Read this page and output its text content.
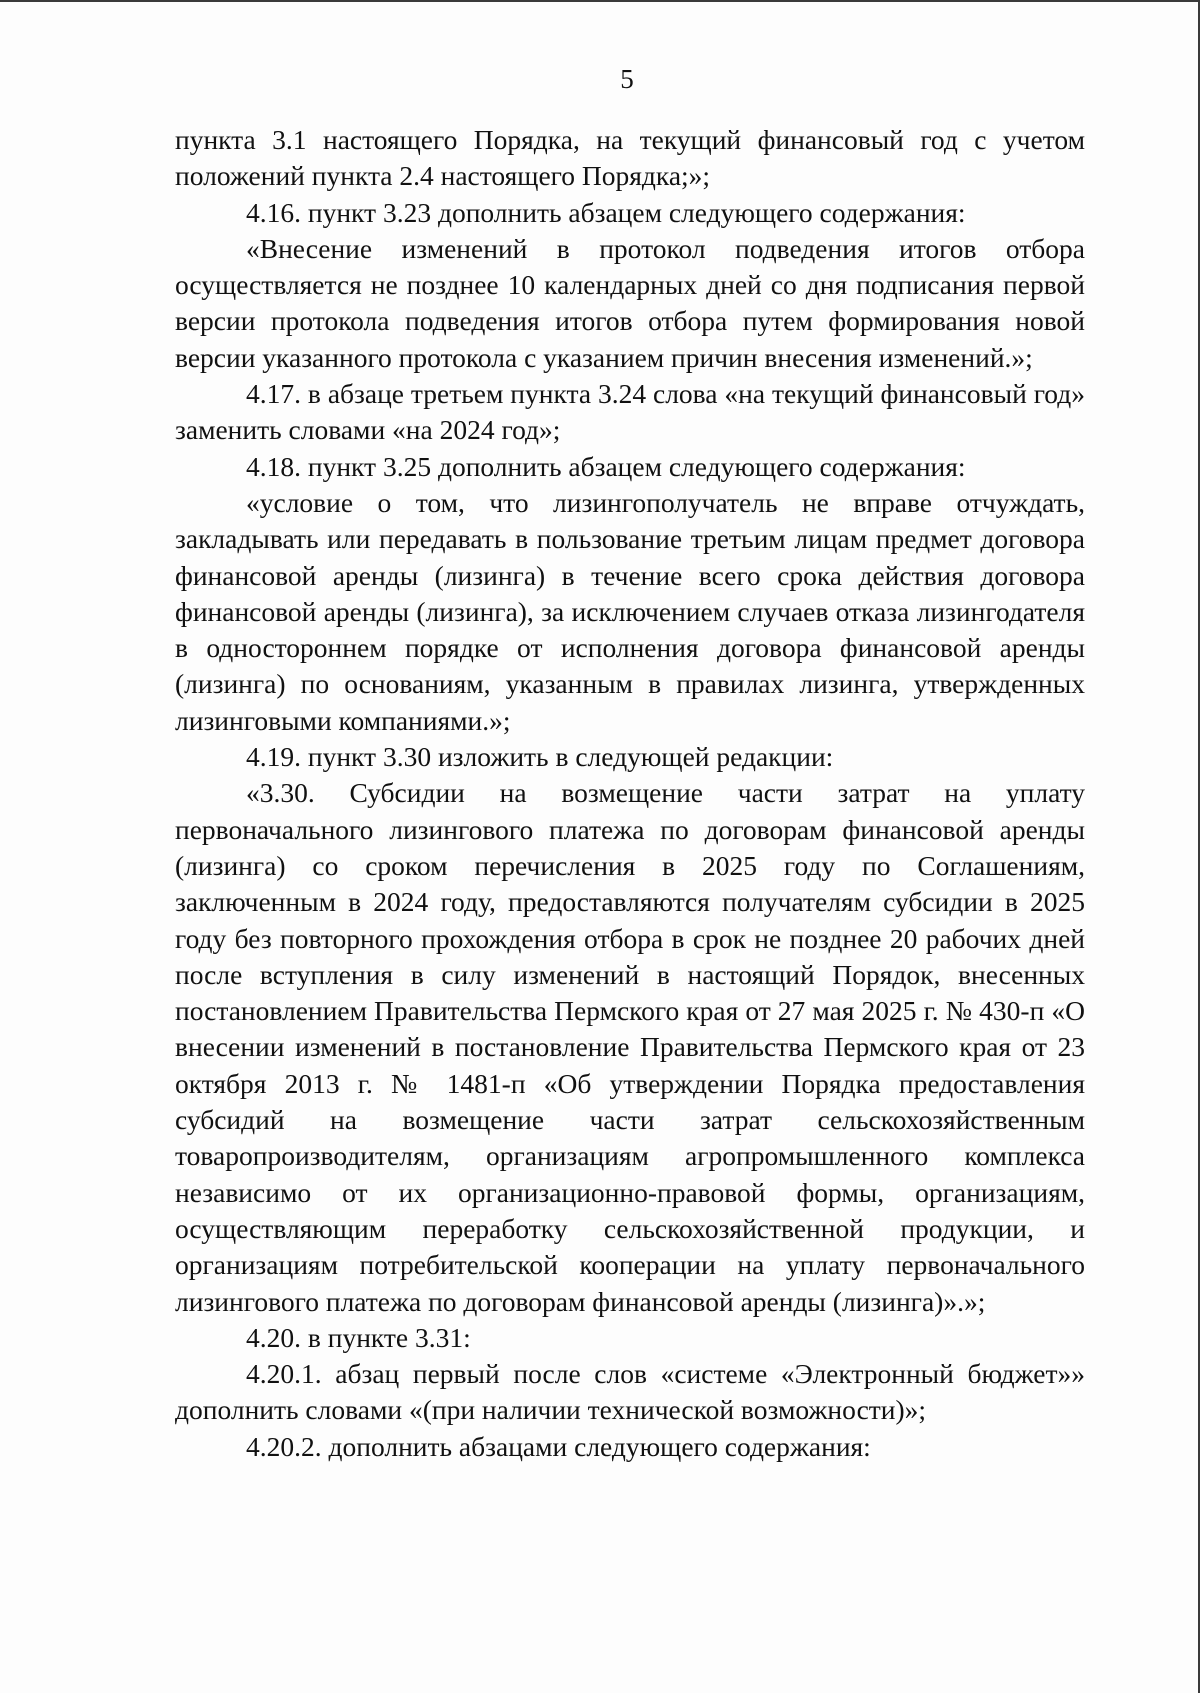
5

пункта 3.1 настоящего Порядка, на текущий финансовый год с учетом положений пункта 2.4 настоящего Порядка;»;

4.16. пункт 3.23 дополнить абзацем следующего содержания:

«Внесение изменений в протокол подведения итогов отбора осуществляется не позднее 10 календарных дней со дня подписания первой версии протокола подведения итогов отбора путем формирования новой версии указанного протокола с указанием причин внесения изменений.»;

4.17. в абзаце третьем пункта 3.24 слова «на текущий финансовый год» заменить словами «на 2024 год»;

4.18. пункт 3.25 дополнить абзацем следующего содержания:

«условие о том, что лизингополучатель не вправе отчуждать, закладывать или передавать в пользование третьим лицам предмет договора финансовой аренды (лизинга) в течение всего срока действия договора финансовой аренды (лизинга), за исключением случаев отказа лизингодателя в одностороннем порядке от исполнения договора финансовой аренды (лизинга) по основаниям, указанным в правилах лизинга, утвержденных лизинговыми компаниями.»;

4.19. пункт 3.30 изложить в следующей редакции:

«3.30. Субсидии на возмещение части затрат на уплату первоначального лизингового платежа по договорам финансовой аренды (лизинга) со сроком перечисления в 2025 году по Соглашениям, заключенным в 2024 году, предоставляются получателям субсидии в 2025 году без повторного прохождения отбора в срок не позднее 20 рабочих дней после вступления в силу изменений в настоящий Порядок, внесенных постановлением Правительства Пермского края от 27 мая 2025 г. № 430-п «О внесении изменений в постановление Правительства Пермского края от 23 октября 2013 г. № 1481-п «Об утверждении Порядка предоставления субсидий на возмещение части затрат сельскохозяйственным товаропроизводителям, организациям агропромышленного комплекса независимо от их организационно-правовой формы, организациям, осуществляющим переработку сельскохозяйственной продукции, и организациям потребительской кооперации на уплату первоначального лизингового платежа по договорам финансовой аренды (лизинга)».»;

4.20. в пункте 3.31:

4.20.1. абзац первый после слов «системе «Электронный бюджет»» дополнить словами «(при наличии технической возможности)»;

4.20.2. дополнить абзацами следующего содержания:
